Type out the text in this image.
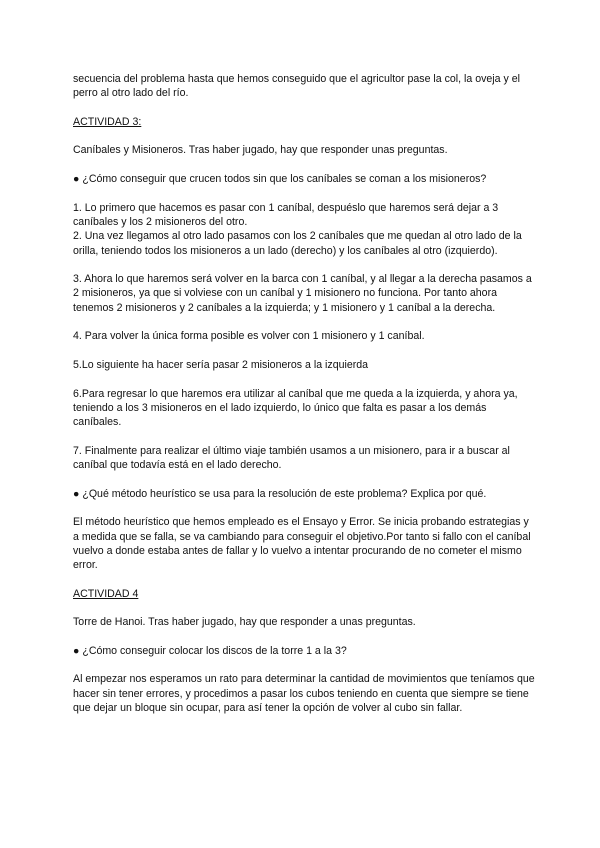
secuencia del problema hasta que hemos conseguido que el agricultor pase la col, la oveja y el perro al otro lado del río.

ACTIVIDAD 3:

Caníbales y Misioneros. Tras haber jugado, hay que responder unas preguntas.

● ¿Cómo conseguir que crucen todos sin que los caníbales se coman a los misioneros?

1. Lo primero que hacemos es pasar con 1 caníbal, despuéslo que haremos será dejar a 3 caníbales y los 2 misioneros del otro.

2. Una vez llegamos al otro lado pasamos con los 2 caníbales que me quedan al otro lado de la orilla, teniendo todos los misioneros a un lado (derecho) y los caníbales al otro (izquierdo).

3. Ahora lo que haremos será volver en la barca con 1 caníbal, y al llegar a la derecha pasamos a 2 misioneros, ya que si volviese con un caníbal y 1 misionero no funciona. Por tanto ahora tenemos 2 misioneros y 2 caníbales a la izquierda; y 1 misionero y 1 caníbal a la derecha.

4. Para volver la única forma posible es volver con 1 misionero y 1 caníbal.

5.Lo siguiente ha hacer sería pasar 2 misioneros a la izquierda

6.Para regresar lo que haremos era utilizar al caníbal que me queda a la izquierda, y ahora ya, teniendo a los 3 misioneros en el lado izquierdo, lo único que falta es pasar a los demás caníbales.

7. Finalmente para realizar el último viaje también usamos a un misionero, para ir a buscar al caníbal que todavía está en el lado derecho.

● ¿Qué método heurístico se usa para la resolución de este problema? Explica por qué.

El método heurístico que hemos empleado es el Ensayo y Error. Se inicia probando estrategias y a medida que se falla, se va cambiando para conseguir el objetivo.Por tanto si fallo con el caníbal vuelvo a donde estaba antes de fallar y lo vuelvo a intentar procurando de no cometer el mismo error.

ACTIVIDAD 4

Torre de Hanoi. Tras haber jugado, hay que responder a unas preguntas.

● ¿Cómo conseguir colocar los discos de la torre 1 a la 3?

Al empezar nos esperamos un rato para determinar la cantidad de movimientos que teníamos que hacer sin tener errores, y procedimos a pasar los cubos teniendo en cuenta que siempre se tiene que dejar un bloque sin ocupar, para así tener la opción de volver al cubo sin fallar.
